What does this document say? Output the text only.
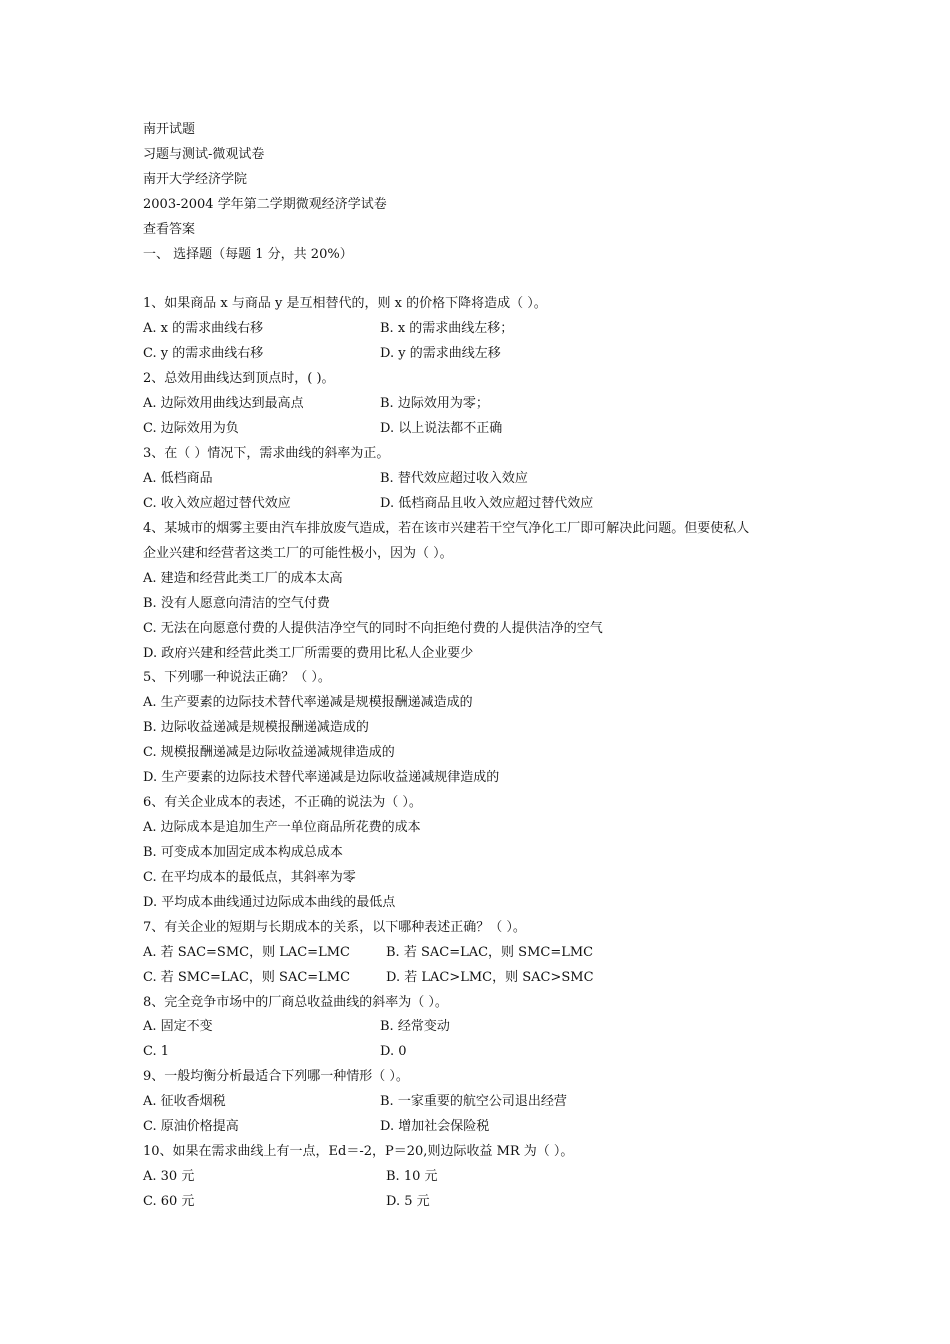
南开试题
习题与测试-微观试卷
南开大学经济学院
2003-2004 学年第二学期微观经济学试卷
查看答案
一、 选择题（每题 1 分，共 20%）
1、如果商品 x 与商品 y 是互相替代的，则 x 的价格下降将造成（ ）。
A. x 的需求曲线右移	B. x 的需求曲线左移；
C. y 的需求曲线右移	D. y 的需求曲线左移
2、总效用曲线达到顶点时，( )。
A. 边际效用曲线达到最高点	B. 边际效用为零；
C. 边际效用为负	D. 以上说法都不正确
3、在（ ）情况下，需求曲线的斜率为正。
A. 低档商品	B. 替代效应超过收入效应
C. 收入效应超过替代效应	D. 低档商品且收入效应超过替代效应
4、某城市的烟雾主要由汽车排放废气造成，若在该市兴建若干空气净化工厂即可解决此问题。但要使私人
企业兴建和经营者这类工厂的可能性极小，因为（ ）。
A. 建造和经营此类工厂的成本太高
B. 没有人愿意向清洁的空气付费
C. 无法在向愿意付费的人提供洁净空气的同时不向拒绝付费的人提供洁净的空气
D. 政府兴建和经营此类工厂所需要的费用比私人企业要少
5、下列哪一种说法正确？（ ）。
A. 生产要素的边际技术替代率递减是规模报酬递减造成的
B. 边际收益递减是规模报酬递减造成的
C. 规模报酬递减是边际收益递减规律造成的
D. 生产要素的边际技术替代率递减是边际收益递减规律造成的
6、有关企业成本的表述，不正确的说法为（ ）。
A. 边际成本是追加生产一单位商品所花费的成本
B. 可变成本加固定成本构成总成本
C. 在平均成本的最低点，其斜率为零
D. 平均成本曲线通过边际成本曲线的最低点
7、有关企业的短期与长期成本的关系，以下哪种表述正确？（ ）。
A. 若 SAC=SMC，则 LAC=LMC	B. 若 SAC=LAC，则 SMC=LMC
C. 若 SMC=LAC，则 SAC=LMC	D. 若 LAC>LMC，则 SAC>SMC
8、完全竞争市场中的厂商总收益曲线的斜率为（ ）。
A. 固定不变	B. 经常变动
C. 1	D. 0
9、一般均衡分析最适合下列哪一种情形（ ）。
A. 征收香烟税	B. 一家重要的航空公司退出经营
C. 原油价格提高	D. 增加社会保险税
10、如果在需求曲线上有一点，Ed＝-2，P＝20,则边际收益 MR 为（ ）。
A. 30 元	B. 10 元
C. 60 元	D. 5 元
